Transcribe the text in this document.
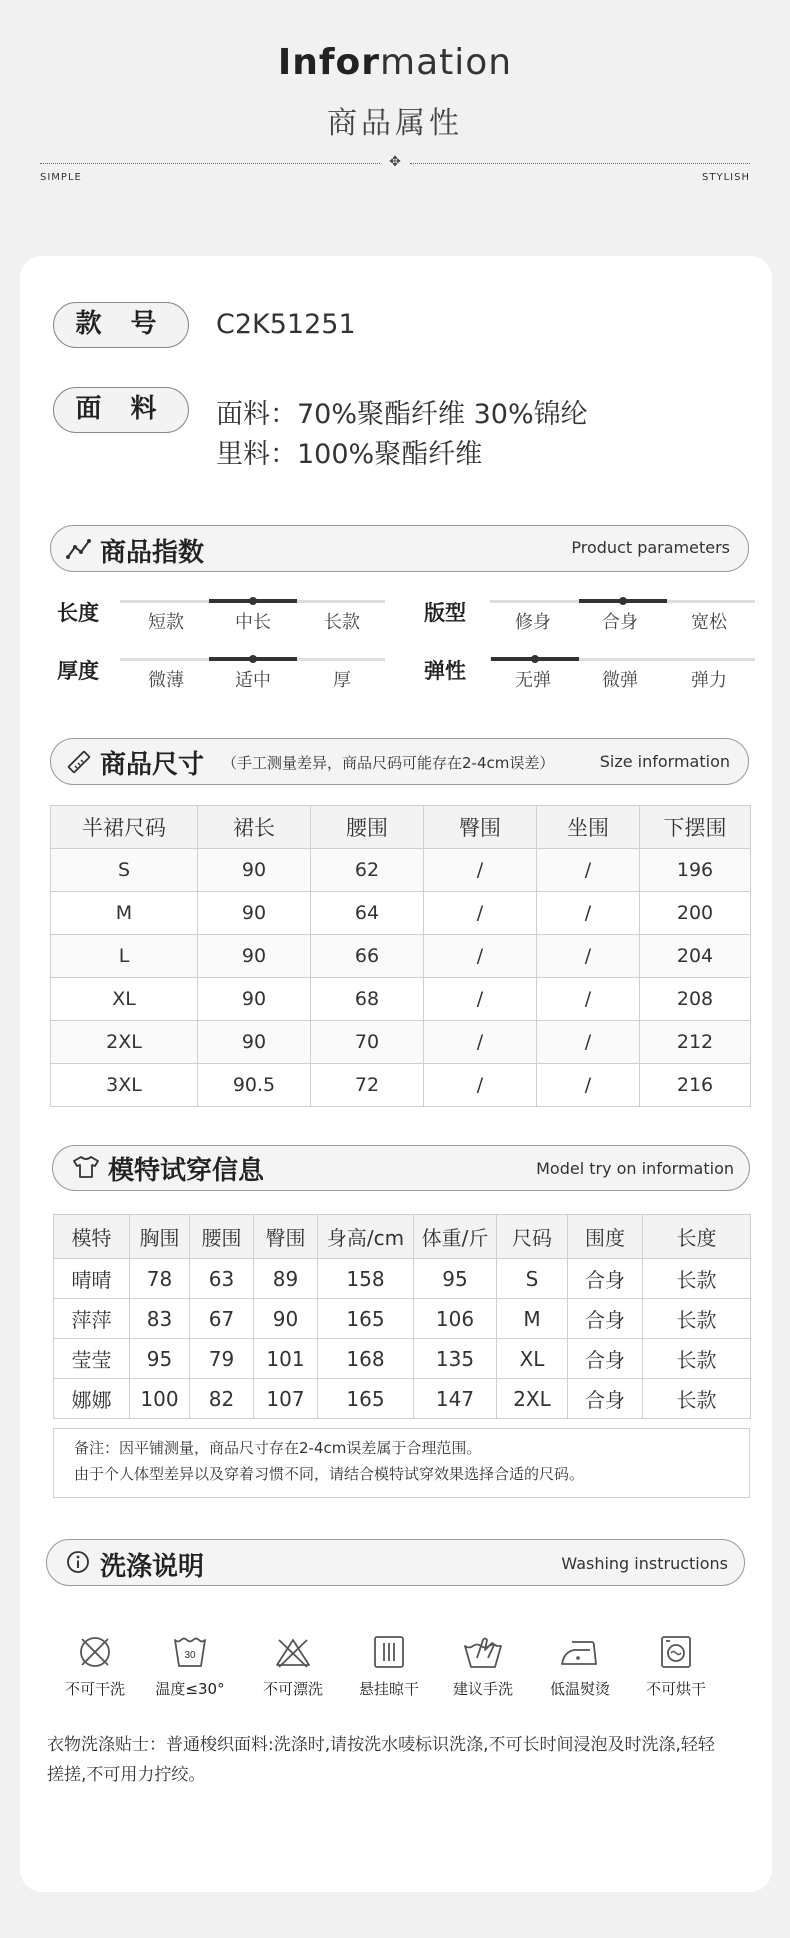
Information
商品属性
✥
SIMPLE	STYLISH
款 号	C2K51251
面 料	面料：70%聚酯纤维 30%锦纶
里料：100%聚酯纤维
商品指数	Product parameters
长度	短款	中长	长款	版型	修身	合身	宽松
厚度	微薄	适中	厚	弹性	无弹	微弹	弹力
商品尺寸 （手工测量差异，商品尺码可能存在2-4cm误差）	Size information
半裙尺码	裙长	腰围	臀围	坐围	下摆围
S	90	62	/	/	196
M	90	64	/	/	200
L	90	66	/	/	204
XL	90	68	/	/	208
2XL	90	70	/	/	212
3XL	90.5	72	/	/	216
模特试穿信息	Model try on information
模特	胸围	腰围	臀围	身高/cm	体重/斤	尺码	围度	长度
晴晴	78	63	89	158	95	S	合身	长款
萍萍	83	67	90	165	106	M	合身	长款
莹莹	95	79	101	168	135	XL	合身	长款
娜娜	100	82	107	165	147	2XL	合身	长款
备注：因平铺测量，商品尺寸存在2-4cm误差属于合理范围。
由于个人体型差异以及穿着习惯不同，请结合模特试穿效果选择合适的尺码。
洗涤说明	Washing instructions
不可干洗
30
温度≤30°	不可漂洗	悬挂晾干	建议手洗	低温熨烫	不可烘干
衣物洗涤贴士：普通梭织面料:洗涤时,请按洗水唛标识洗涤,不可长时间浸泡及时洗涤,轻轻
搓搓,不可用力拧绞。
